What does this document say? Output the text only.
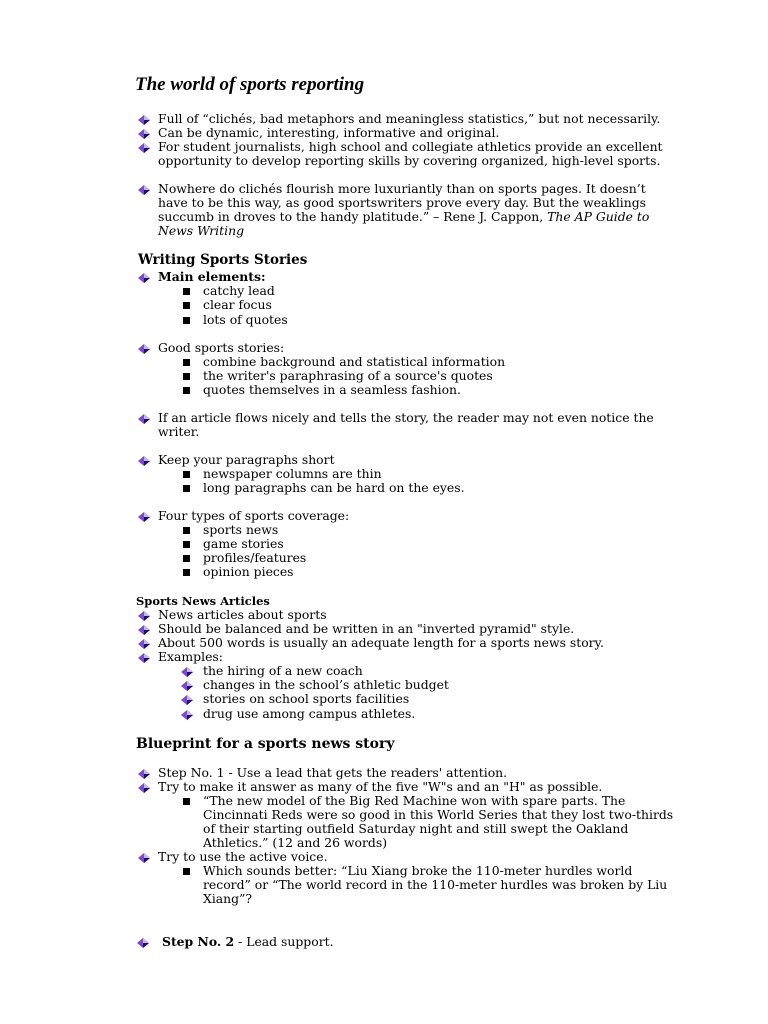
The world of sports reporting
Full of “clichés, bad metaphors and meaningless statistics,” but not necessarily.
Can be dynamic, interesting, informative and original.
For student journalists, high school and collegiate athletics provide an excellent
opportunity to develop reporting skills by covering organized, high-level sports.
Nowhere do clichés flourish more luxuriantly than on sports pages. It doesn’t
have to be this way, as good sportswriters prove every day. But the weaklings
succumb in droves to the handy platitude.” – Rene J. Cappon, The AP Guide to
News Writing
Writing Sports Stories
Main elements:
catchy lead
clear focus
lots of quotes
Good sports stories:
combine background and statistical information
the writer's paraphrasing of a source's quotes
quotes themselves in a seamless fashion.
If an article flows nicely and tells the story, the reader may not even notice the
writer.
Keep your paragraphs short
newspaper columns are thin
long paragraphs can be hard on the eyes.
Four types of sports coverage:
sports news
game stories
profiles/features
opinion pieces
Sports News Articles
News articles about sports
Should be balanced and be written in an "inverted pyramid" style.
About 500 words is usually an adequate length for a sports news story.
Examples:
the hiring of a new coach
changes in the school’s athletic budget
stories on school sports facilities
drug use among campus athletes.
Blueprint for a sports news story
Step No. 1 - Use a lead that gets the readers' attention.
Try to make it answer as many of the five "W"s and an "H" as possible.
“The new model of the Big Red Machine won with spare parts. The
Cincinnati Reds were so good in this World Series that they lost two-thirds
of their starting outfield Saturday night and still swept the Oakland
Athletics.” (12 and 26 words)
Try to use the active voice.
Which sounds better: “Liu Xiang broke the 110-meter hurdles world
record” or “The world record in the 110-meter hurdles was broken by Liu
Xiang”?
Step No. 2 - Lead support.
